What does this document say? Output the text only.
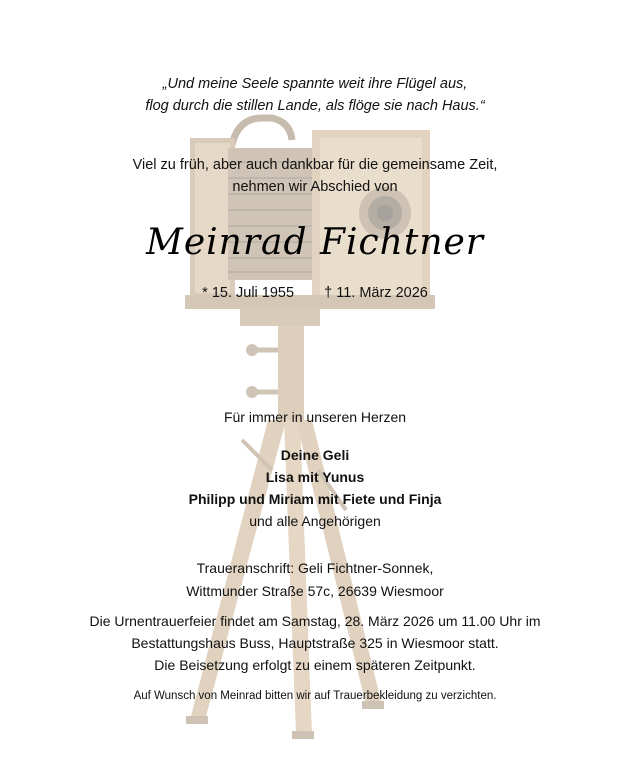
„Und meine Seele spannte weit ihre Flügel aus,
flog durch die stillen Lande, als flöge sie nach Haus.“
Viel zu früh, aber auch dankbar für die gemeinsame Zeit,
nehmen wir Abschied von
Meinrad Fichtner
* 15. Juli 1955 † 11. März 2026
Für immer in unseren Herzen
Deine Geli
Lisa mit Yunus
Philipp und Miriam mit Fiete und Finja
und alle Angehörigen
Traueranschrift: Geli Fichtner-Sonnek,
Wittmunder Straße 57c, 26639 Wiesmoor
Die Urnentrauerfeier findet am Samstag, 28. März 2026 um 11.00 Uhr im
Bestattungshaus Buss, Hauptstraße 325 in Wiesmoor statt.
Die Beisetzung erfolgt zu einem späteren Zeitpunkt.
Auf Wunsch von Meinrad bitten wir auf Trauerbekleidung zu verzichten.
